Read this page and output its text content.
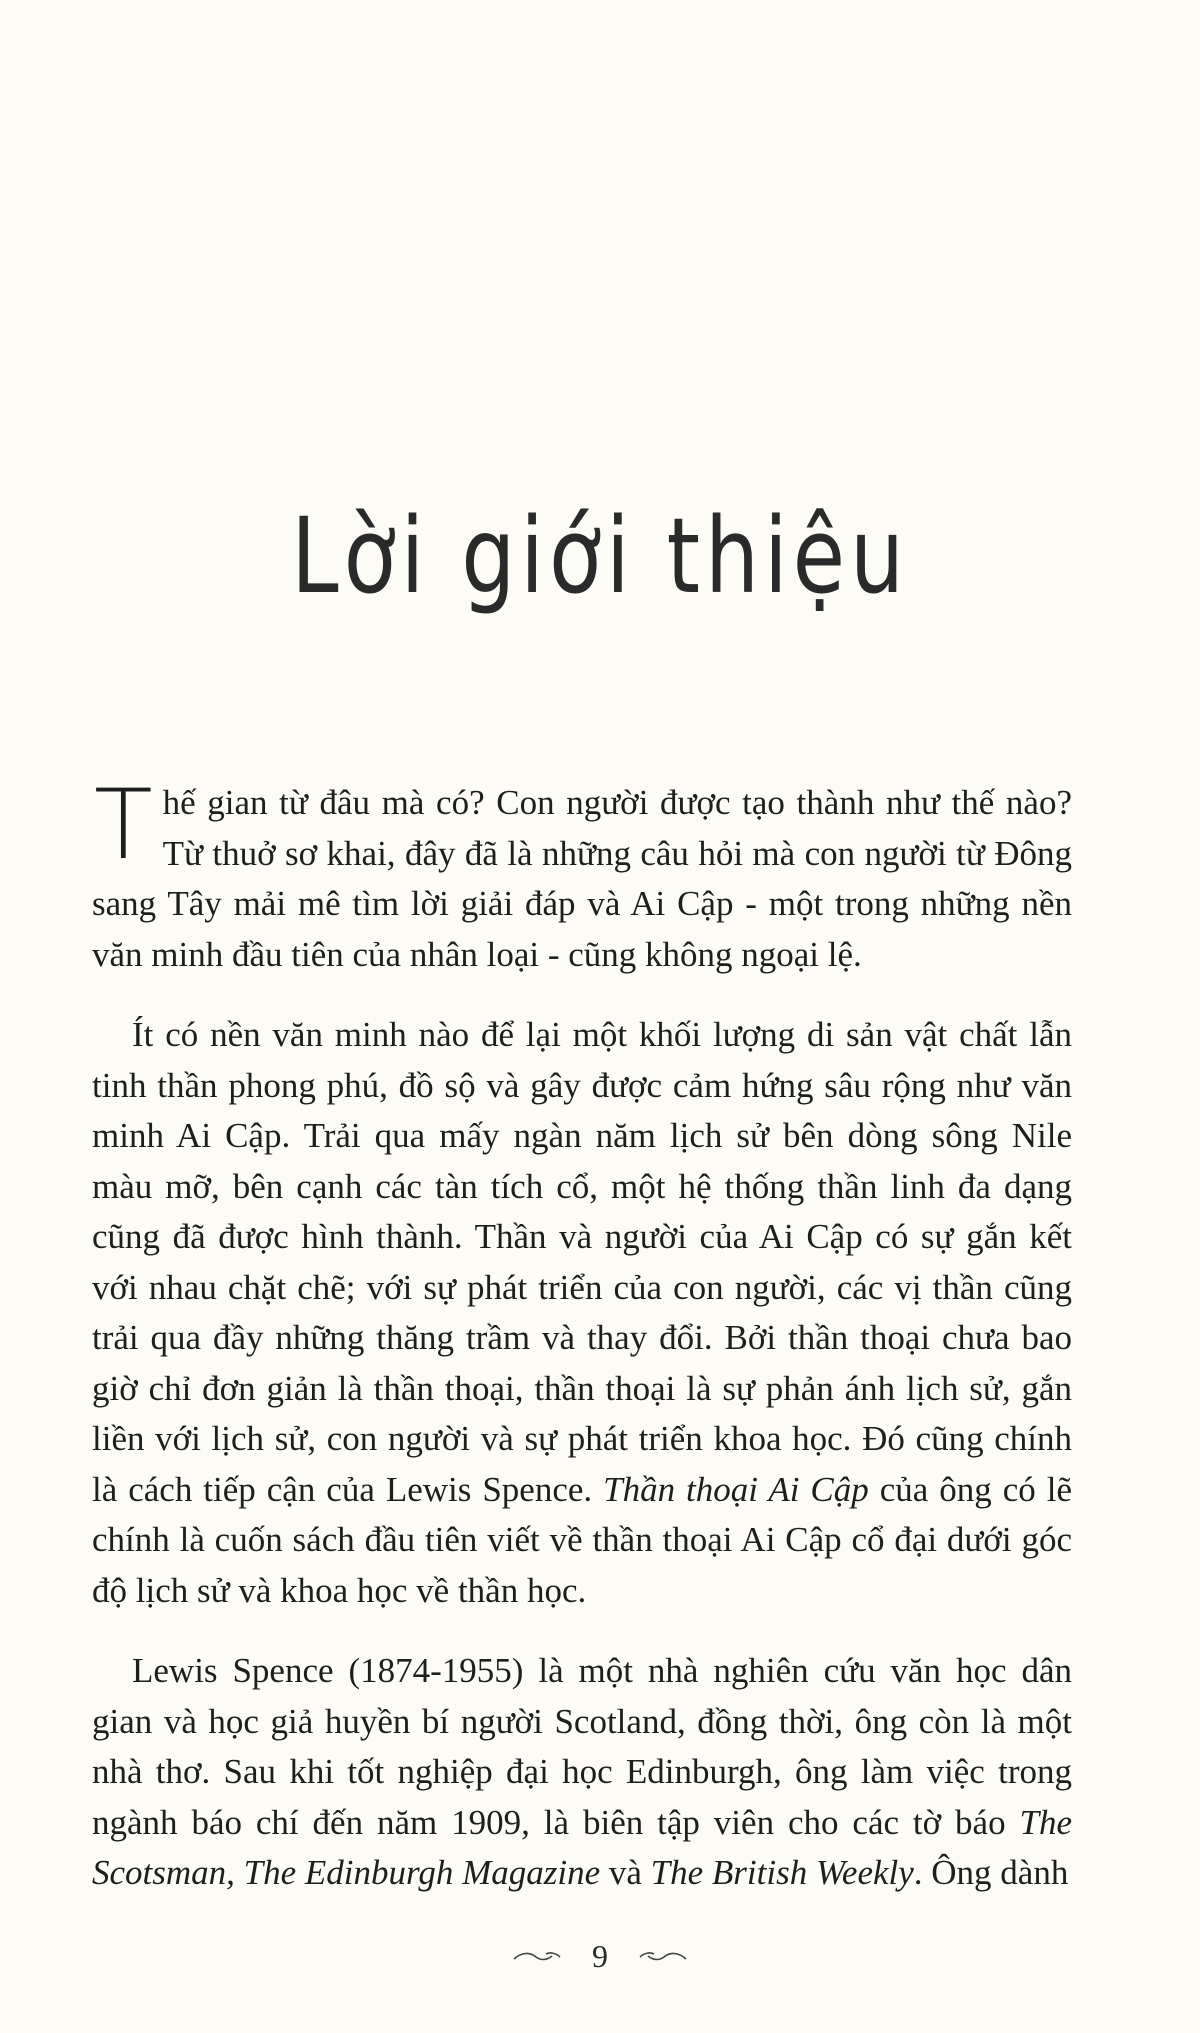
Lời giới thiệu

Thế gian từ đâu mà có? Con người được tạo thành như thế nào? Từ thuở sơ khai, đây đã là những câu hỏi mà con người từ Đông sang Tây mải mê tìm lời giải đáp và Ai Cập - một trong những nền văn minh đầu tiên của nhân loại - cũng không ngoại lệ.

Ít có nền văn minh nào để lại một khối lượng di sản vật chất lẫn tinh thần phong phú, đồ sộ và gây được cảm hứng sâu rộng như văn minh Ai Cập. Trải qua mấy ngàn năm lịch sử bên dòng sông Nile màu mỡ, bên cạnh các tàn tích cổ, một hệ thống thần linh đa dạng cũng đã được hình thành. Thần và người của Ai Cập có sự gắn kết với nhau chặt chẽ; với sự phát triển của con người, các vị thần cũng trải qua đầy những thăng trầm và thay đổi. Bởi thần thoại chưa bao giờ chỉ đơn giản là thần thoại, thần thoại là sự phản ánh lịch sử, gắn liền với lịch sử, con người và sự phát triển khoa học. Đó cũng chính là cách tiếp cận của Lewis Spence. Thần thoại Ai Cập của ông có lẽ chính là cuốn sách đầu tiên viết về thần thoại Ai Cập cổ đại dưới góc độ lịch sử và khoa học về thần học.

Lewis Spence (1874-1955) là một nhà nghiên cứu văn học dân gian và học giả huyền bí người Scotland, đồng thời, ông còn là một nhà thơ. Sau khi tốt nghiệp đại học Edinburgh, ông làm việc trong ngành báo chí đến năm 1909, là biên tập viên cho các tờ báo The Scotsman, The Edinburgh Magazine và The British Weekly. Ông dành

9
